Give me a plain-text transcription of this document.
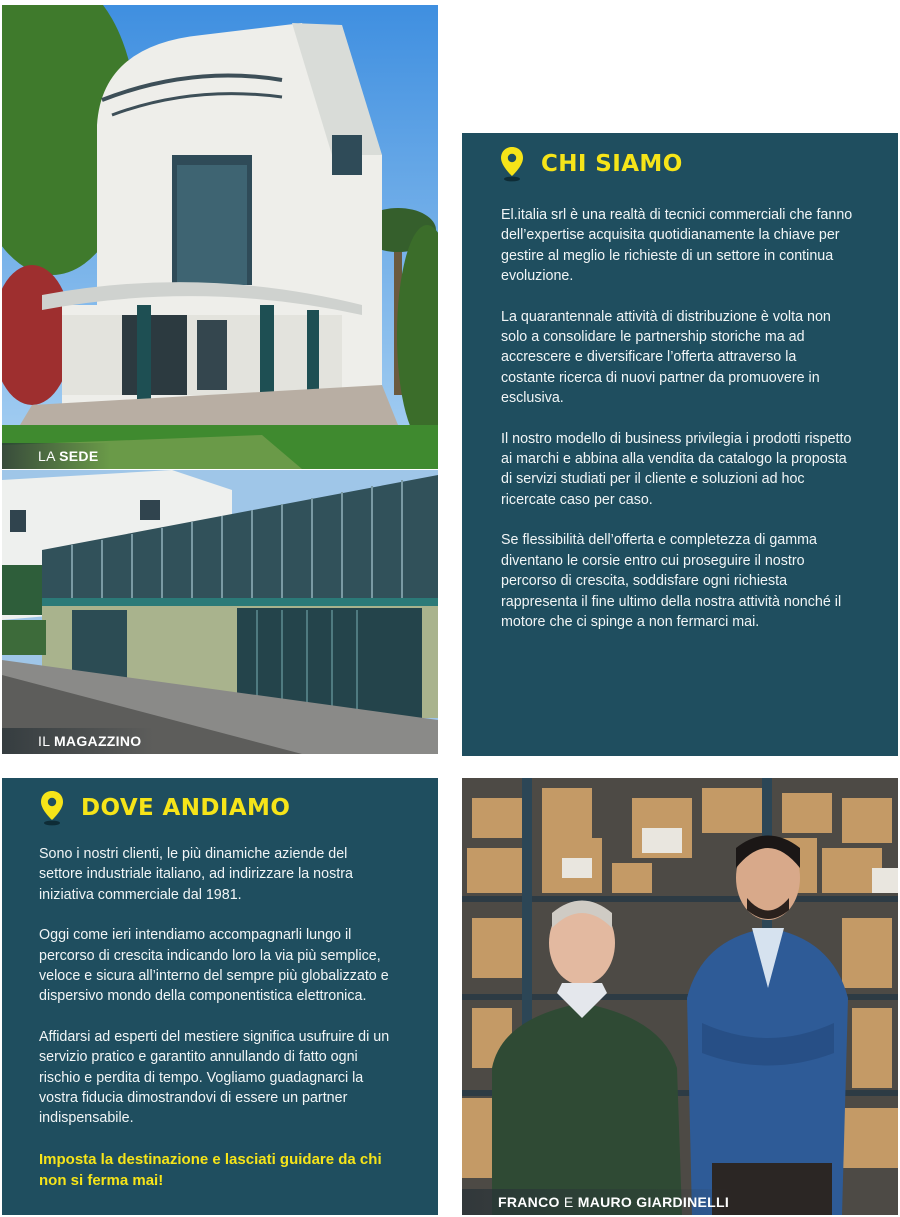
LA SEDE
IL MAGAZZINO
CHI SIAMO

El.italia srl è una realtà di tecnici commerciali che fanno dell’expertise acquisita quotidianamente la chiave per gestire al meglio le richieste di un settore in continua evoluzione.

La quarantennale attività di distribuzione è volta non solo a consolidare le partnership storiche ma ad accrescere e diversificare l’offerta attraverso la costante ricerca di nuovi partner da promuovere in esclusiva.

Il nostro modello di business privilegia i prodotti rispetto ai marchi e abbina alla vendita da catalogo la proposta di servizi studiati per il cliente e soluzioni ad hoc ricercate caso per caso.

Se flessibilità dell’offerta e completezza di gamma diventano le corsie entro cui proseguire il nostro percorso di crescita, soddisfare ogni richiesta rappresenta il fine ultimo della nostra attività nonché il motore che ci spinge a non fermarci mai.

DOVE ANDIAMO

Sono i nostri clienti, le più dinamiche aziende del settore industriale italiano, ad indirizzare la nostra iniziativa commerciale dal 1981.

Oggi come ieri intendiamo accompagnarli lungo il percorso di crescita indicando loro la via più semplice, veloce e sicura all’interno del sempre più globalizzato e dispersivo mondo della componentistica elettronica.

Affidarsi ad esperti del mestiere significa usufruire di un servizio pratico e garantito annullando di fatto ogni rischio e perdita di tempo. Vogliamo guadagnarci la vostra fiducia dimostrandovi di essere un partner indispensabile.

Imposta la destinazione e lasciati guidare da chi non si ferma mai!

FRANCO E MAURO GIARDINELLI
